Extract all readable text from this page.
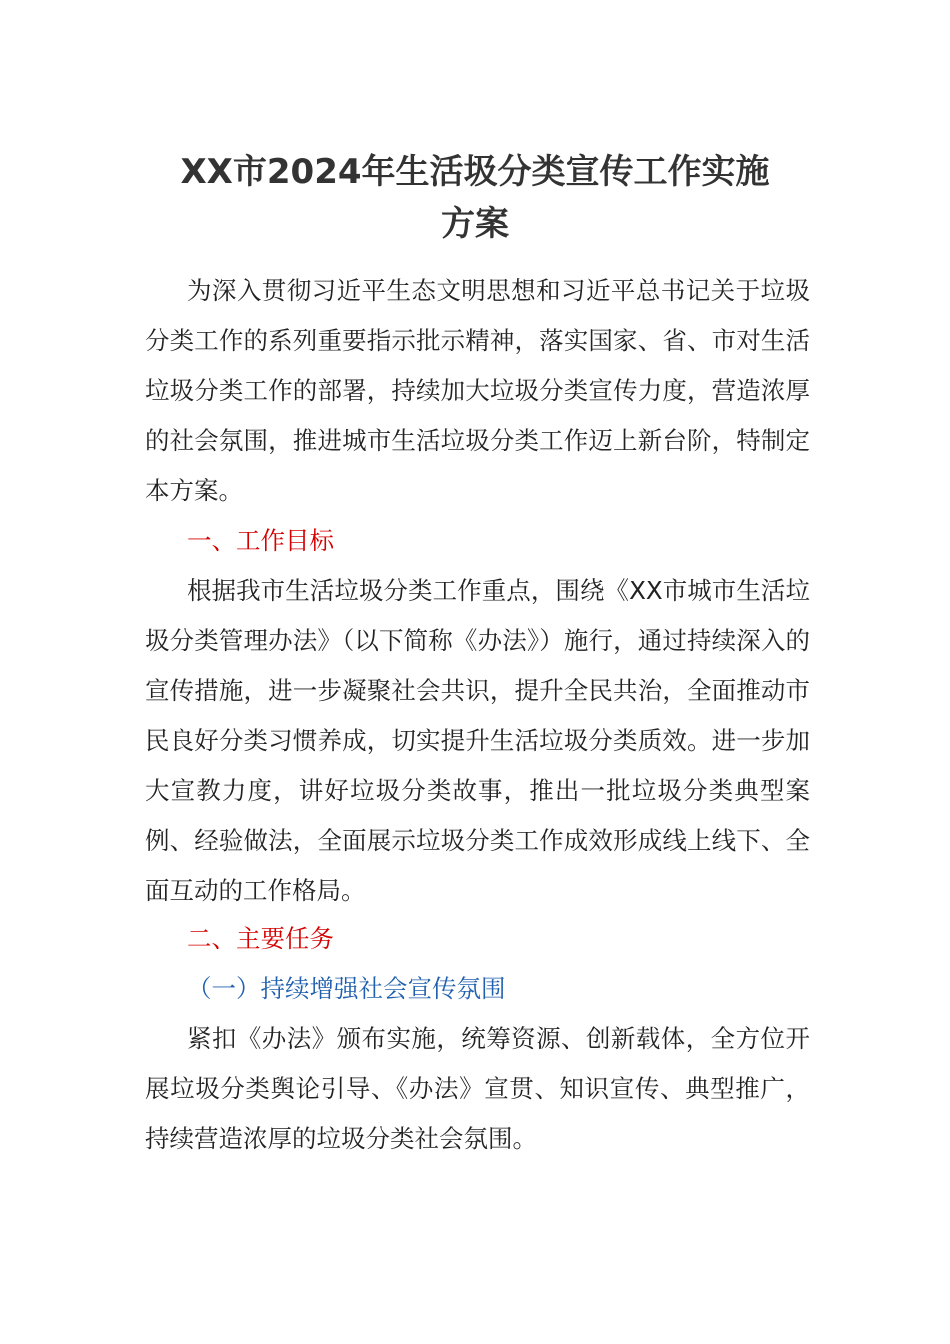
XX市2024年生活圾分类宣传工作实施
方案

为深入贯彻习近平生态文明思想和习近平总书记关于垃圾分类工作的系列重要指示批示精神，落实国家、省、市对生活垃圾分类工作的部署，持续加大垃圾分类宣传力度，营造浓厚的社会氛围，推进城市生活垃圾分类工作迈上新台阶，特制定本方案。

一、工作目标

根据我市生活垃圾分类工作重点，围绕《XX市城市生活垃圾分类管理办法》（以下简称《办法》）施行，通过持续深入的宣传措施，进一步凝聚社会共识，提升全民共治，全面推动市民良好分类习惯养成，切实提升生活垃圾分类质效。进一步加大宣教力度，讲好垃圾分类故事，推出一批垃圾分类典型案例、经验做法，全面展示垃圾分类工作成效形成线上线下、全面互动的工作格局。

二、主要任务

（一）持续增强社会宣传氛围

紧扣《办法》颁布实施，统筹资源、创新载体，全方位开展垃圾分类舆论引导、《办法》宣贯、知识宣传、典型推广，持续营造浓厚的垃圾分类社会氛围。
